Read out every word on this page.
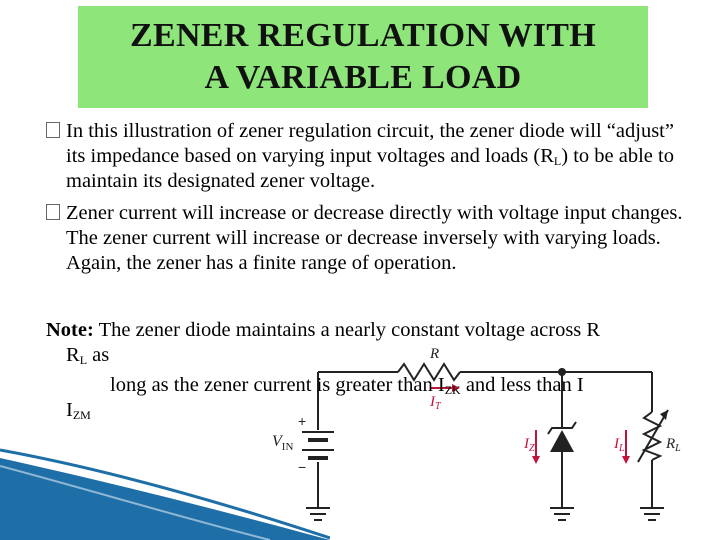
ZENER REGULATION WITH
A VARIABLE LOAD
In this illustration of zener regulation circuit, the zener diode will “adjust” its impedance based on varying input voltages and loads $(R_L)$ to be able to maintain its designated zener voltage.
Zener current will increase or decrease directly with voltage input changes. The zener current will increase or decrease inversely with varying loads. Again, the zener has a finite range of operation.
Note: The zener diode maintains a nearly constant voltage across R
$R_L$ as	R
+
−
$V_{IN}$
$I_T$
$I_Z$	$I_L$	$R_L$
long as the zener current is greater than $I_{ZK}$ and less than I
$I_{ZM}$
